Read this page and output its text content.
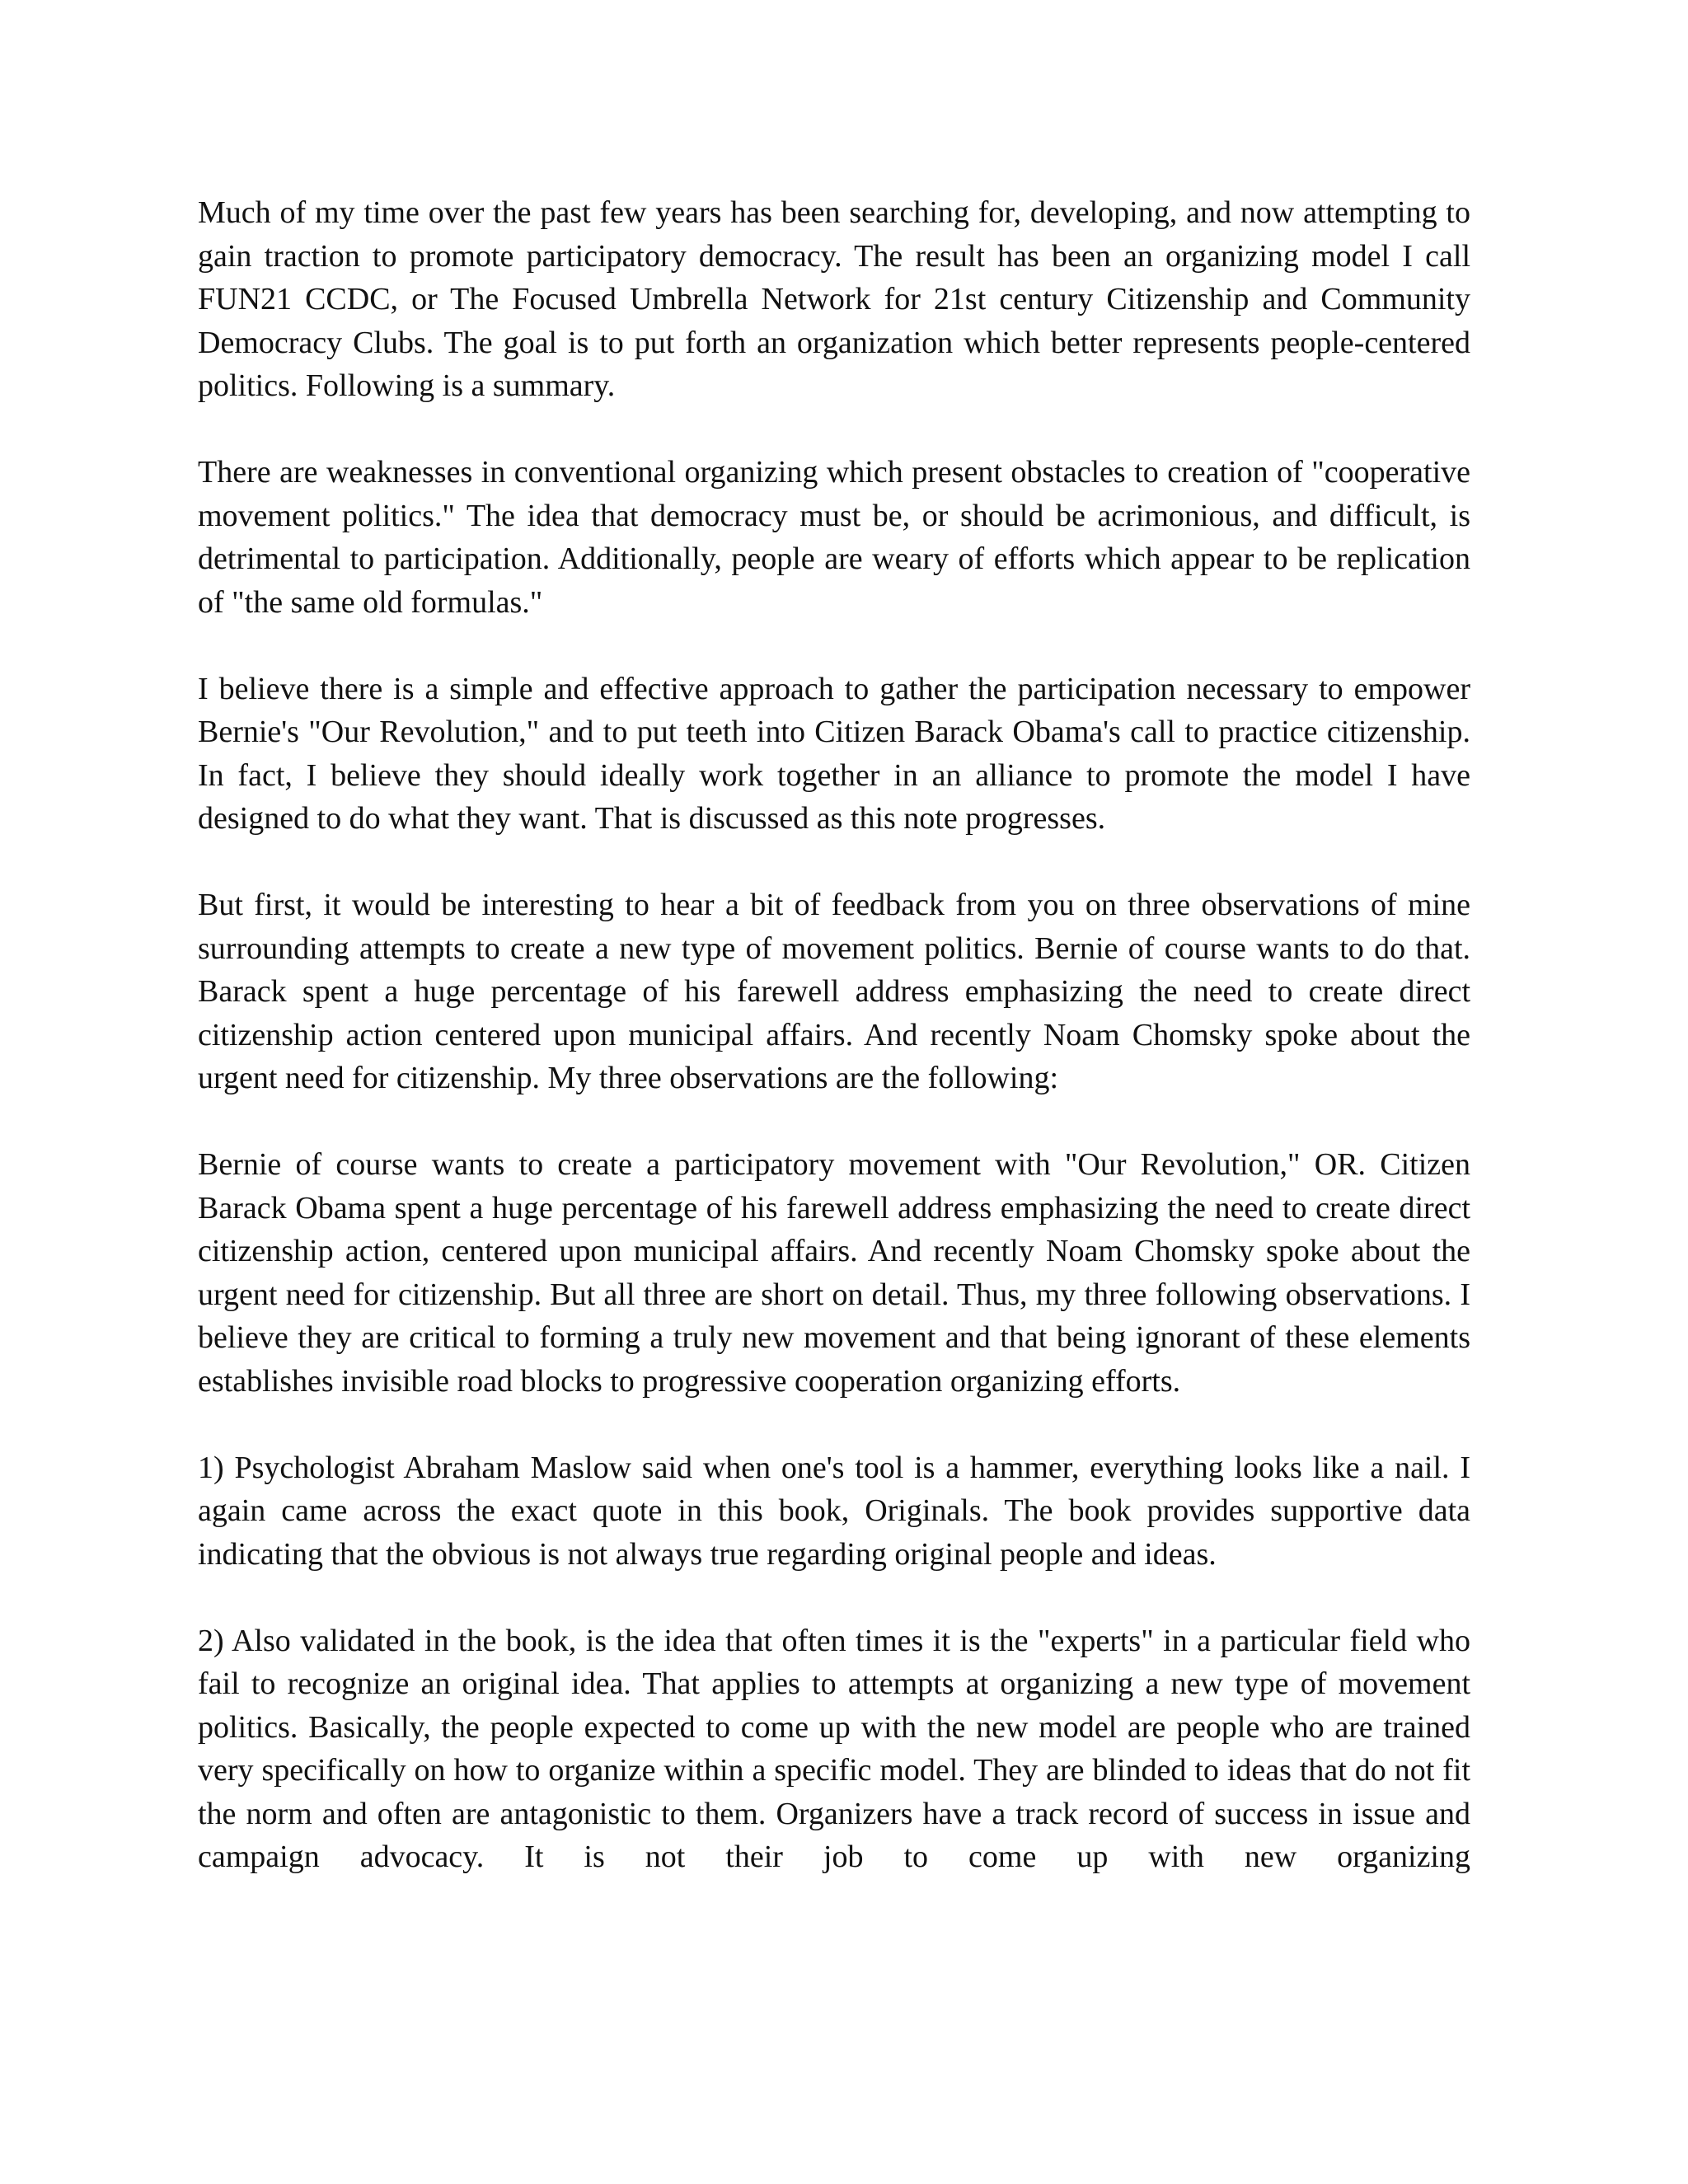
Much of my time over the past few years has been searching for, developing, and now attempting to gain traction to promote participatory democracy. The result has been an organizing model I call FUN21 CCDC, or The Focused Umbrella Network for 21st century Citizenship and Community Democracy Clubs. The goal is to put forth an organization which better represents people-centered politics. Following is a summary.

There are weaknesses in conventional organizing which present obstacles to creation of "cooperative movement politics." The idea that democracy must be, or should be acrimonious, and difficult, is detrimental to participation. Additionally, people are weary of efforts which appear to be replication of "the same old formulas."

I believe there is a simple and effective approach to gather the participation necessary to empower Bernie's "Our Revolution," and to put teeth into Citizen Barack Obama's call to practice citizenship. In fact, I believe they should ideally work together in an alliance to promote the model I have designed to do what they want. That is discussed as this note progresses.

But first, it would be interesting to hear a bit of feedback from you on three observations of mine surrounding attempts to create a new type of movement politics. Bernie of course wants to do that. Barack spent a huge percentage of his farewell address emphasizing the need to create direct citizenship action centered upon municipal affairs. And recently Noam Chomsky spoke about the urgent need for citizenship. My three observations are the following:

Bernie of course wants to create a participatory movement with "Our Revolution," OR. Citizen Barack Obama spent a huge percentage of his farewell address emphasizing the need to create direct citizenship action, centered upon municipal affairs. And recently Noam Chomsky spoke about the urgent need for citizenship. But all three are short on detail. Thus, my three following observations. I believe they are critical to forming a truly new movement and that being ignorant of these elements establishes invisible road blocks to progressive cooperation organizing efforts.

1) Psychologist Abraham Maslow said when one's tool is a hammer, everything looks like a nail. I again came across the exact quote in this book, Originals. The book provides supportive data indicating that the obvious is not always true regarding original people and ideas.

2) Also validated in the book, is the idea that often times it is the "experts" in a particular field who fail to recognize an original idea. That applies to attempts at organizing a new type of movement politics. Basically, the people expected to come up with the new model are people who are trained very specifically on how to organize within a specific model. They are blinded to ideas that do not fit the norm and often are antagonistic to them. Organizers have a track record of success in issue and campaign advocacy. It is not their job to come up with new organizing
